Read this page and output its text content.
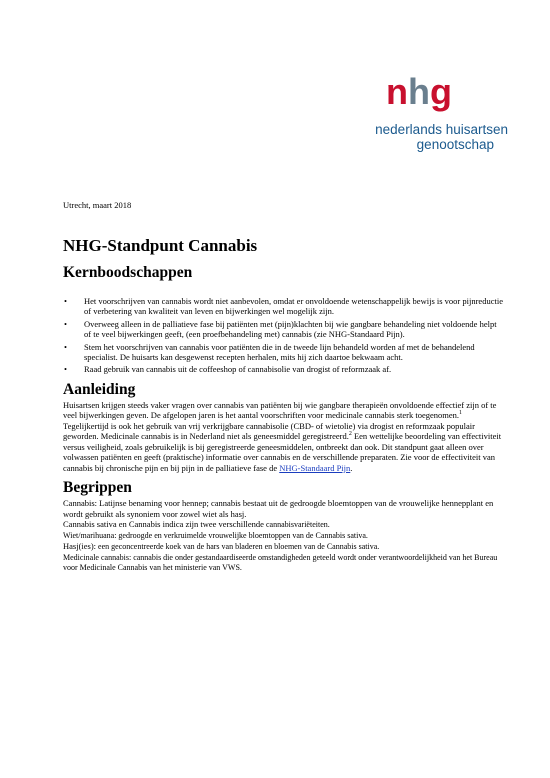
n h g
nederlands huisartsen
genootschap
Utrecht, maart 2018
NHG-Standpunt Cannabis
Kernboodschappen
• Het voorschrijven van cannabis wordt niet aanbevolen, omdat er onvoldoende wetenschappelijk bewijs is voor pijnreductie of verbetering van kwaliteit van leven en bijwerkingen wel mogelijk zijn.
• Overweeg alleen in de palliatieve fase bij patiënten met (pijn)klachten bij wie gangbare behandeling niet voldoende helpt of te veel bijwerkingen geeft, (een proefbehandeling met) cannabis (zie NHG-Standaard Pijn).
• Stem het voorschrijven van cannabis voor patiënten die in de tweede lijn behandeld worden af met de behandelend specialist. De huisarts kan desgewenst recepten herhalen, mits hij zich daartoe bekwaam acht.
• Raad gebruik van cannabis uit de coffeeshop of cannabisolie van drogist of reformzaak af.
Aanleiding

Huisartsen krijgen steeds vaker vragen over cannabis van patiënten bij wie gangbare therapieën onvoldoende effectief zijn of te veel bijwerkingen geven. De afgelopen jaren is het aantal voorschriften voor medicinale cannabis sterk toegenomen.$^1$ Tegelijkertijd is ook het gebruik van vrij verkrijgbare cannabisolie (CBD- of wietolie) via drogist en reformzaak populair geworden. Medicinale cannabis is in Nederland niet als geneesmiddel geregistreerd.$^2$ Een wettelijke beoordeling van effectiviteit versus veiligheid, zoals gebruikelijk is bij geregistreerde geneesmiddelen, ontbreekt dan ook. Dit standpunt gaat alleen over volwassen patiënten en geeft (praktische) informatie over cannabis en de verschillende preparaten. Zie voor de effectiviteit van cannabis bij chronische pijn en bij pijn in de palliatieve fase de NHG-Standaard Pijn.

Begrippen

Cannabis: Latijnse benaming voor hennep; cannabis bestaat uit de gedroogde bloemtoppen van de vrouwelijke hennepplant en wordt gebruikt als synoniem voor zowel wiet als hasj.

Cannabis sativa en Cannabis indica zijn twee verschillende cannabisvariëteiten.

Wiet/marihuana: gedroogde en verkruimelde vrouwelijke bloemtoppen van de Cannabis sativa.

Hasj(ies): een geconcentreerde koek van de hars van bladeren en bloemen van de Cannabis sativa.

Medicinale cannabis: cannabis die onder gestandaardiseerde omstandigheden geteeld wordt onder verantwoordelijkheid van het Bureau voor Medicinale Cannabis van het ministerie van VWS.
